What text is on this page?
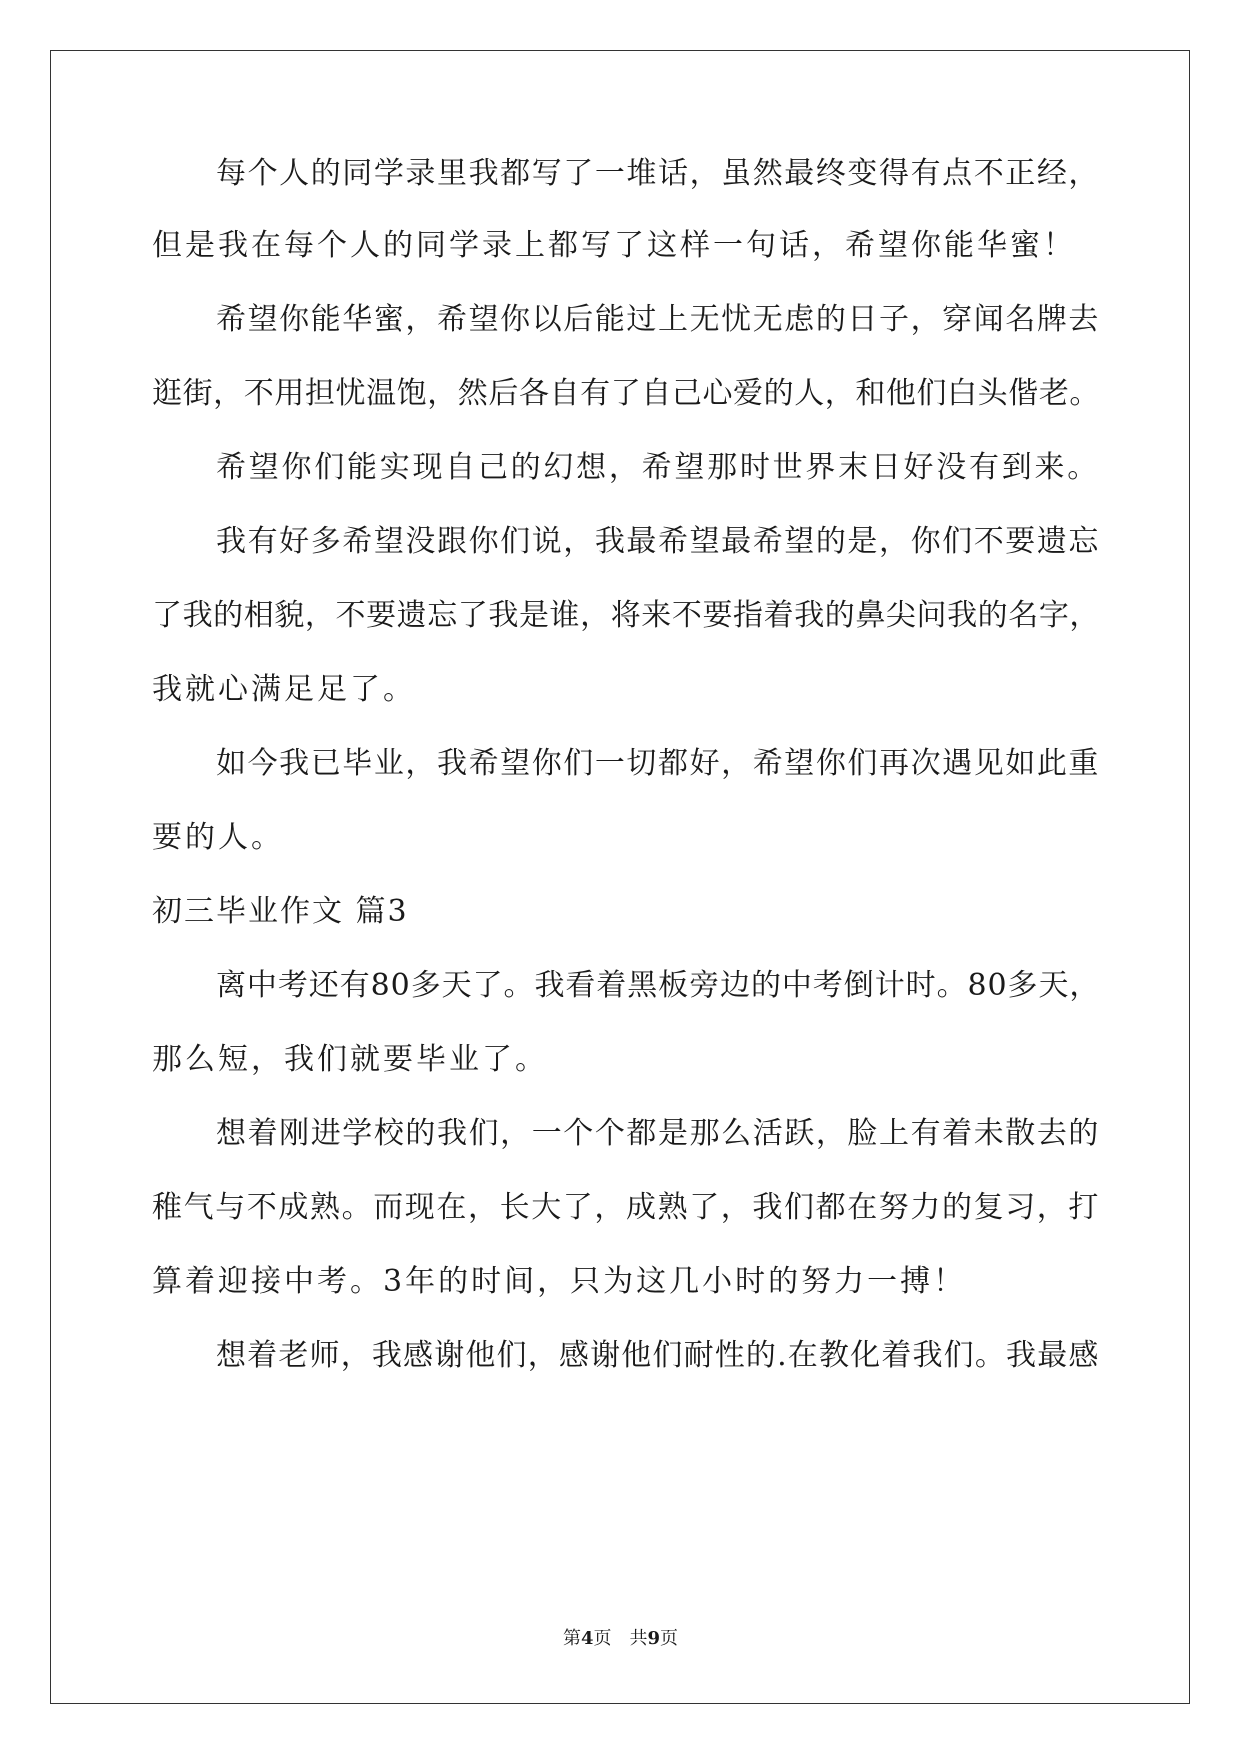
每个人的同学录里我都写了一堆话，虽然最终变得有点不正经，
但是我在每个人的同学录上都写了这样一句话，希望你能华蜜！
希望你能华蜜，希望你以后能过上无忧无虑的日子，穿闻名牌去
逛街，不用担忧温饱，然后各自有了自己心爱的人，和他们白头偕老。
希望你们能实现自己的幻想，希望那时世界末日好没有到来。
我有好多希望没跟你们说，我最希望最希望的是，你们不要遗忘
了我的相貌，不要遗忘了我是谁，将来不要指着我的鼻尖问我的名字，
我就心满足足了。
如今我已毕业，我希望你们一切都好，希望你们再次遇见如此重
要的人。
初三毕业作文 篇3
离中考还有80多天了。我看着黑板旁边的中考倒计时。80多天，
那么短，我们就要毕业了。
想着刚进学校的我们，一个个都是那么活跃，脸上有着未散去的
稚气与不成熟。而现在，长大了，成熟了，我们都在努力的复习，打
算着迎接中考。3年的时间，只为这几小时的努力一搏！
想着老师，我感谢他们，感谢他们耐性的.在教化着我们。我最感
第4页　共9页
